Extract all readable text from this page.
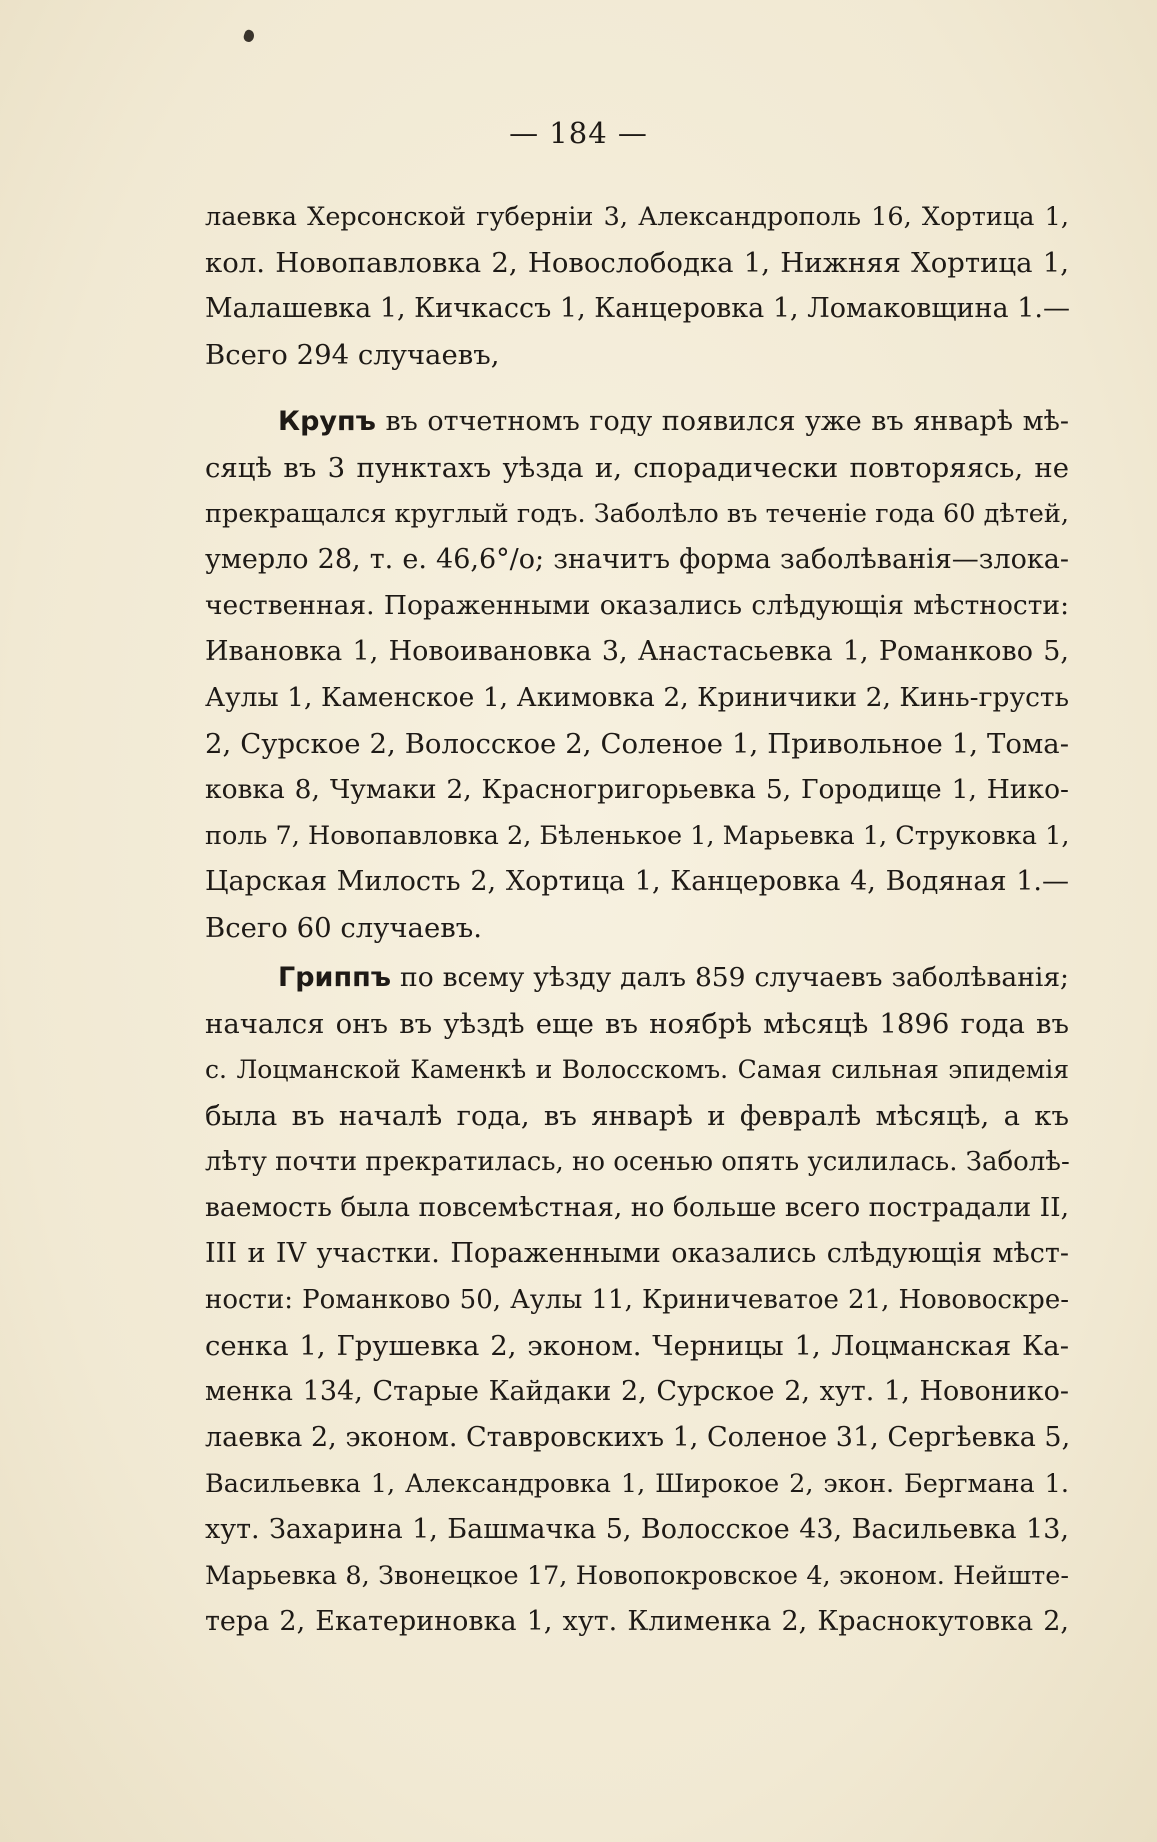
— 184 —
лаевка Херсонской губерніи 3, Александрополь 16, Хортица 1,
кол. Новопавловка 2, Новослободка 1, Нижняя Хортица 1,
Малашевка 1, Кичкассъ 1, Канцеровка 1, Ломаковщина 1.—
Всего 294 случаевъ,
Крупъ въ отчетномъ году появился уже въ январѣ мѣ-
сяцѣ въ 3 пунктахъ уѣзда и, спорадически повторяясь, не
прекращался круглый годъ. Заболѣло въ теченіе года 60 дѣтей,
умерло 28, т. е. 46,6°/о; значитъ форма заболѣванія—злока-
чественная. Пораженными оказались слѣдующія мѣстности:
Ивановка 1, Новоивановка 3, Анастасьевка 1, Романково 5,
Аулы 1, Каменское 1, Акимовка 2, Криничики 2, Кинь-грусть
2, Сурское 2, Волосское 2, Соленое 1, Привольное 1, Тома-
ковка 8, Чумаки 2, Красногригорьевка 5, Городище 1, Нико-
поль 7, Новопавловка 2, Бѣленькое 1, Марьевка 1, Струковка 1,
Царская Милость 2, Хортица 1, Канцеровка 4, Водяная 1.—
Всего 60 случаевъ.
Гриппъ по всему уѣзду далъ 859 случаевъ заболѣванія;
начался онъ въ уѣздѣ еще въ ноябрѣ мѣсяцѣ 1896 года въ
с. Лоцманской Каменкѣ и Волосскомъ. Самая сильная эпидемія
была въ началѣ года, въ январѣ и февралѣ мѣсяцѣ, а къ
лѣту почти прекратилась, но осенью опять усилилась. Заболѣ-
ваемость была повсемѣстная, но больше всего пострадали II,
III и IV участки. Пораженными оказались слѣдующія мѣст-
ности: Романково 50, Аулы 11, Криничеватое 21, Нововоскре-
сенка 1, Грушевка 2, эконом. Черницы 1, Лоцманская Ка-
менка 134, Старые Кайдаки 2, Сурское 2, хут. 1, Новонико-
лаевка 2, эконом. Ставровскихъ 1, Соленое 31, Сергѣевка 5,
Васильевка 1, Александровка 1, Широкое 2, экон. Бергмана 1.
хут. Захарина 1, Башмачка 5, Волосское 43, Васильевка 13,
Марьевка 8, Звонецкое 17, Новопокровское 4, эконом. Нейште-
тера 2, Екатериновка 1, хут. Клименка 2, Краснокутовка 2,
